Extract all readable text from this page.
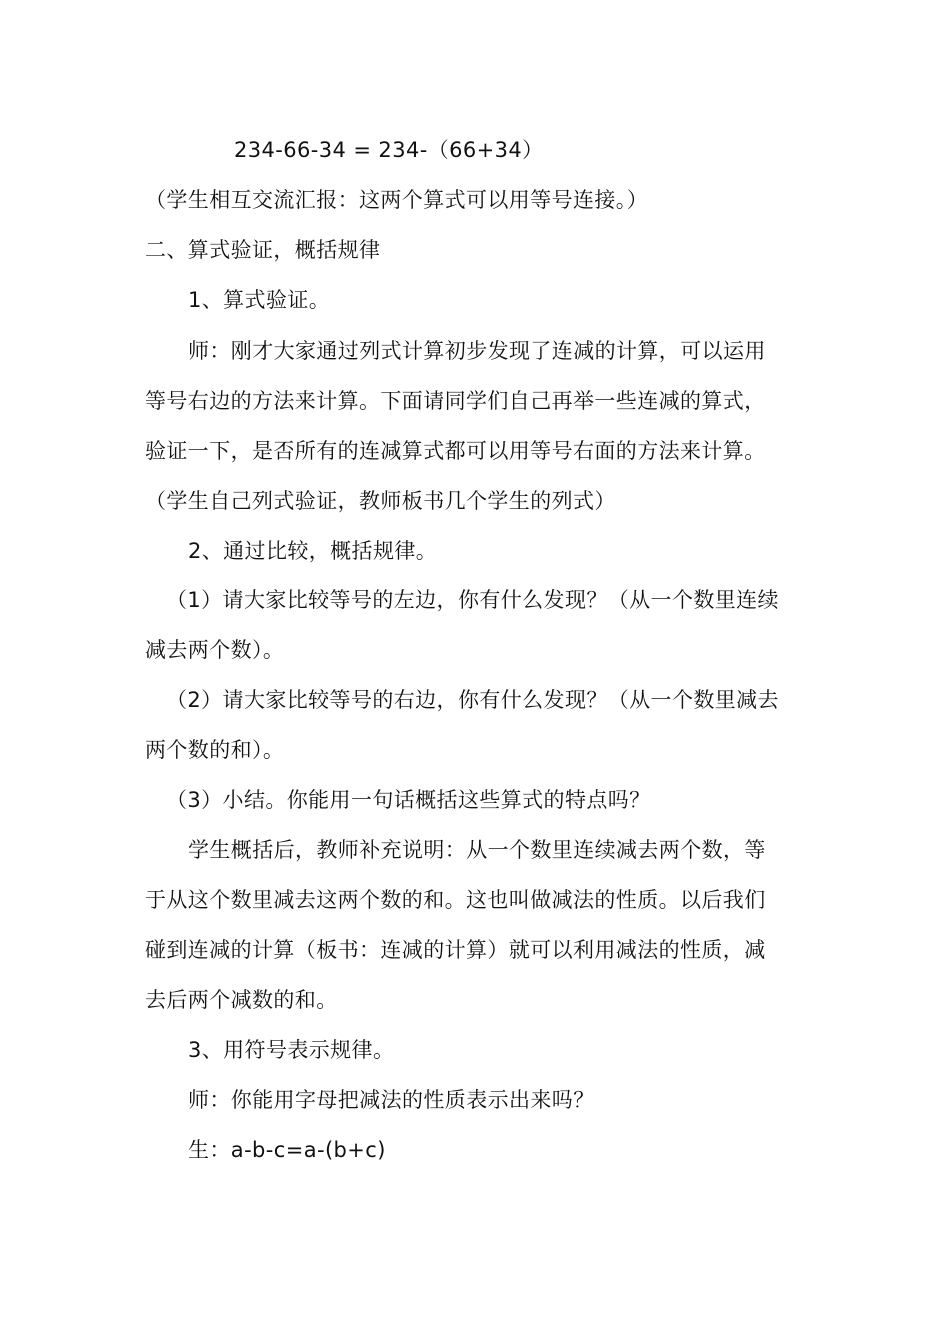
234-66-34 = 234-（66+34）
（学生相互交流汇报：这两个算式可以用等号连接。）
二、算式验证，概括规律
1、算式验证。
师：刚才大家通过列式计算初步发现了连减的计算，可以运用
等号右边的方法来计算。下面请同学们自己再举一些连减的算式，
验证一下，是否所有的连减算式都可以用等号右面的方法来计算。
（学生自己列式验证，教师板书几个学生的列式）
2、通过比较，概括规律。
（1）请大家比较等号的左边，你有什么发现？（从一个数里连续
减去两个数）。
（2）请大家比较等号的右边，你有什么发现？（从一个数里减去
两个数的和）。
（3）小结。你能用一句话概括这些算式的特点吗？
学生概括后，教师补充说明：从一个数里连续减去两个数，等
于从这个数里减去这两个数的和。这也叫做减法的性质。以后我们
碰到连减的计算（板书：连减的计算）就可以利用减法的性质，减
去后两个减数的和。
3、用符号表示规律。
师：你能用字母把减法的性质表示出来吗？
生：a-b-c=a-(b+c)
